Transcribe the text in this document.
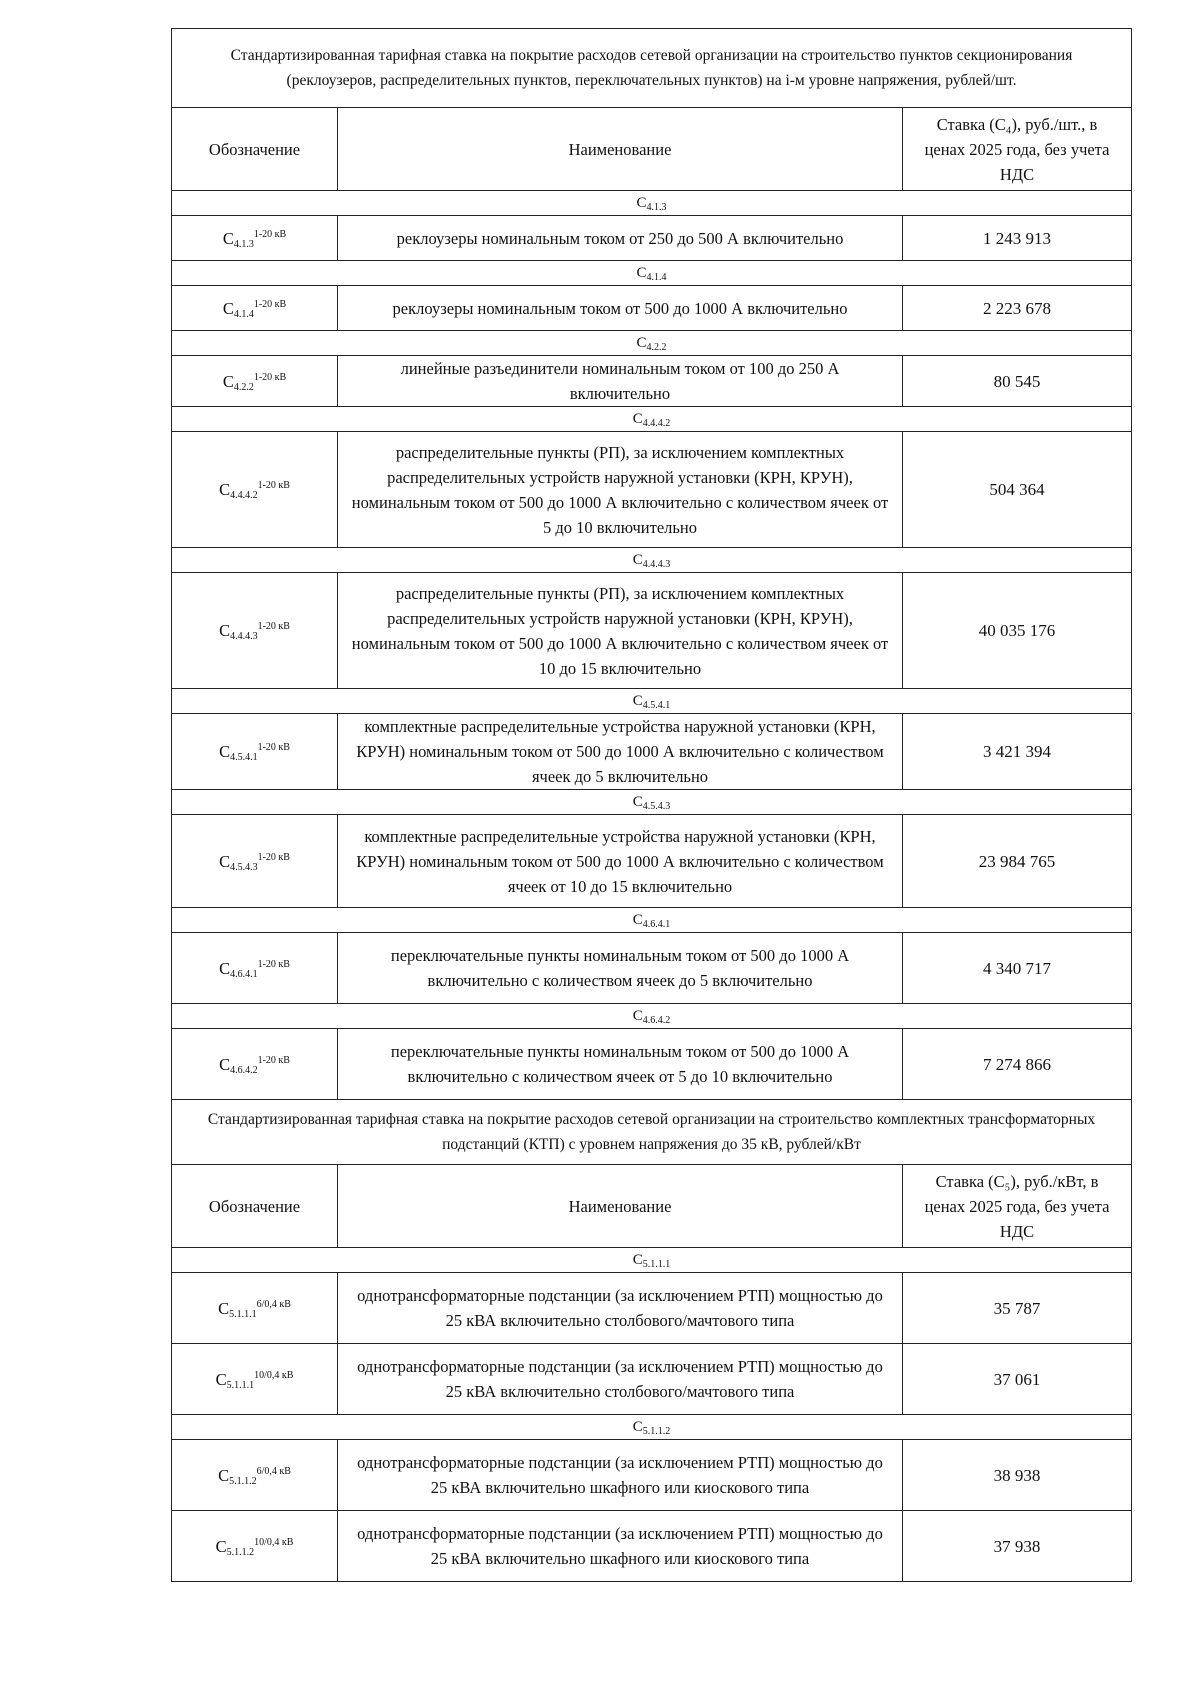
Стандартизированная тарифная ставка на покрытие расходов сетевой организации на строительство пунктов секционирования (реклоузеров, распределительных пунктов, переключательных пунктов) на i-м уровне напряжения, рублей/шт.		
Обозначение	Наименование	Ставка (С₄), руб./шт., в ценах 2025 года, без учета НДС
$С_{4.1.3}$
$С_{4.1.3}^{1-20 кВ}$	реклоузеры номинальным током от 250 до 500 А включительно	1 243 913
$С_{4.1.4}$
$С_{4.1.4}^{1-20 кВ}$	реклоузеры номинальным током от 500 до 1000 А включительно	2 223 678
$С_{4.2.2}$
$С_{4.2.2}^{1-20 кВ}$	линейные разъединители номинальным током от 100 до 250 А включительно	80 545
$С_{4.4.4.2}$
$С_{4.4.4.2}^{1-20 кВ}$	распределительные пункты (РП), за исключением комплектных распределительных устройств наружной установки (КРН, КРУН), номинальным током от 500 до 1000 А включительно с количеством ячеек от 5 до 10 включительно	504 364
$С_{4.4.4.3}$
$С_{4.4.4.3}^{1-20 кВ}$	распределительные пункты (РП), за исключением комплектных распределительных устройств наружной установки (КРН, КРУН), номинальным током от 500 до 1000 А включительно с количеством ячеек от 10 до 15 включительно	40 035 176
$С_{4.5.4.1}$
$С_{4.5.4.1}^{1-20 кВ}$	комплектные распределительные устройства наружной установки (КРН, КРУН) номинальным током от 500 до 1000 А включительно с количеством ячеек до 5 включительно	3 421 394
$С_{4.5.4.3}$
$С_{4.5.4.3}^{1-20 кВ}$	комплектные распределительные устройства наружной установки (КРН, КРУН) номинальным током от 500 до 1000 А включительно с количеством ячеек от 10 до 15 включительно	23 984 765
$С_{4.6.4.1}$
$С_{4.6.4.1}^{1-20 кВ}$	переключательные пункты номинальным током от 500 до 1000 А включительно с количеством ячеек до 5 включительно	4 340 717
$С_{4.6.4.2}$
$С_{4.6.4.2}^{1-20 кВ}$	переключательные пункты номинальным током от 500 до 1000 А включительно с количеством ячеек от 5 до 10 включительно	7 274 866
Стандартизированная тарифная ставка на покрытие расходов сетевой организации на строительство комплектных трансформаторных подстанций (КТП) с уровнем напряжения до 35 кВ, рублей/кВт		
Обозначение	Наименование	Ставка (С₅), руб./кВт, в ценах 2025 года, без учета НДС
$С_{5.1.1.1}$
$С_{5.1.1.1}^{6/0,4 кВ}$	однотрансформаторные подстанции (за исключением РТП) мощностью до 25 кВА включительно столбового/мачтового типа	35 787
$С_{5.1.1.1}^{10/0,4 кВ}$	однотрансформаторные подстанции (за исключением РТП) мощностью до 25 кВА включительно столбового/мачтового типа	37 061
$С_{5.1.1.2}$
$С_{5.1.1.2}^{6/0,4 кВ}$	однотрансформаторные подстанции (за исключением РТП) мощностью до 25 кВА включительно шкафного или киоскового типа	38 938
$С_{5.1.1.2}^{10/0,4 кВ}$	однотрансформаторные подстанции (за исключением РТП) мощностью до 25 кВА включительно шкафного или киоскового типа	37 938
